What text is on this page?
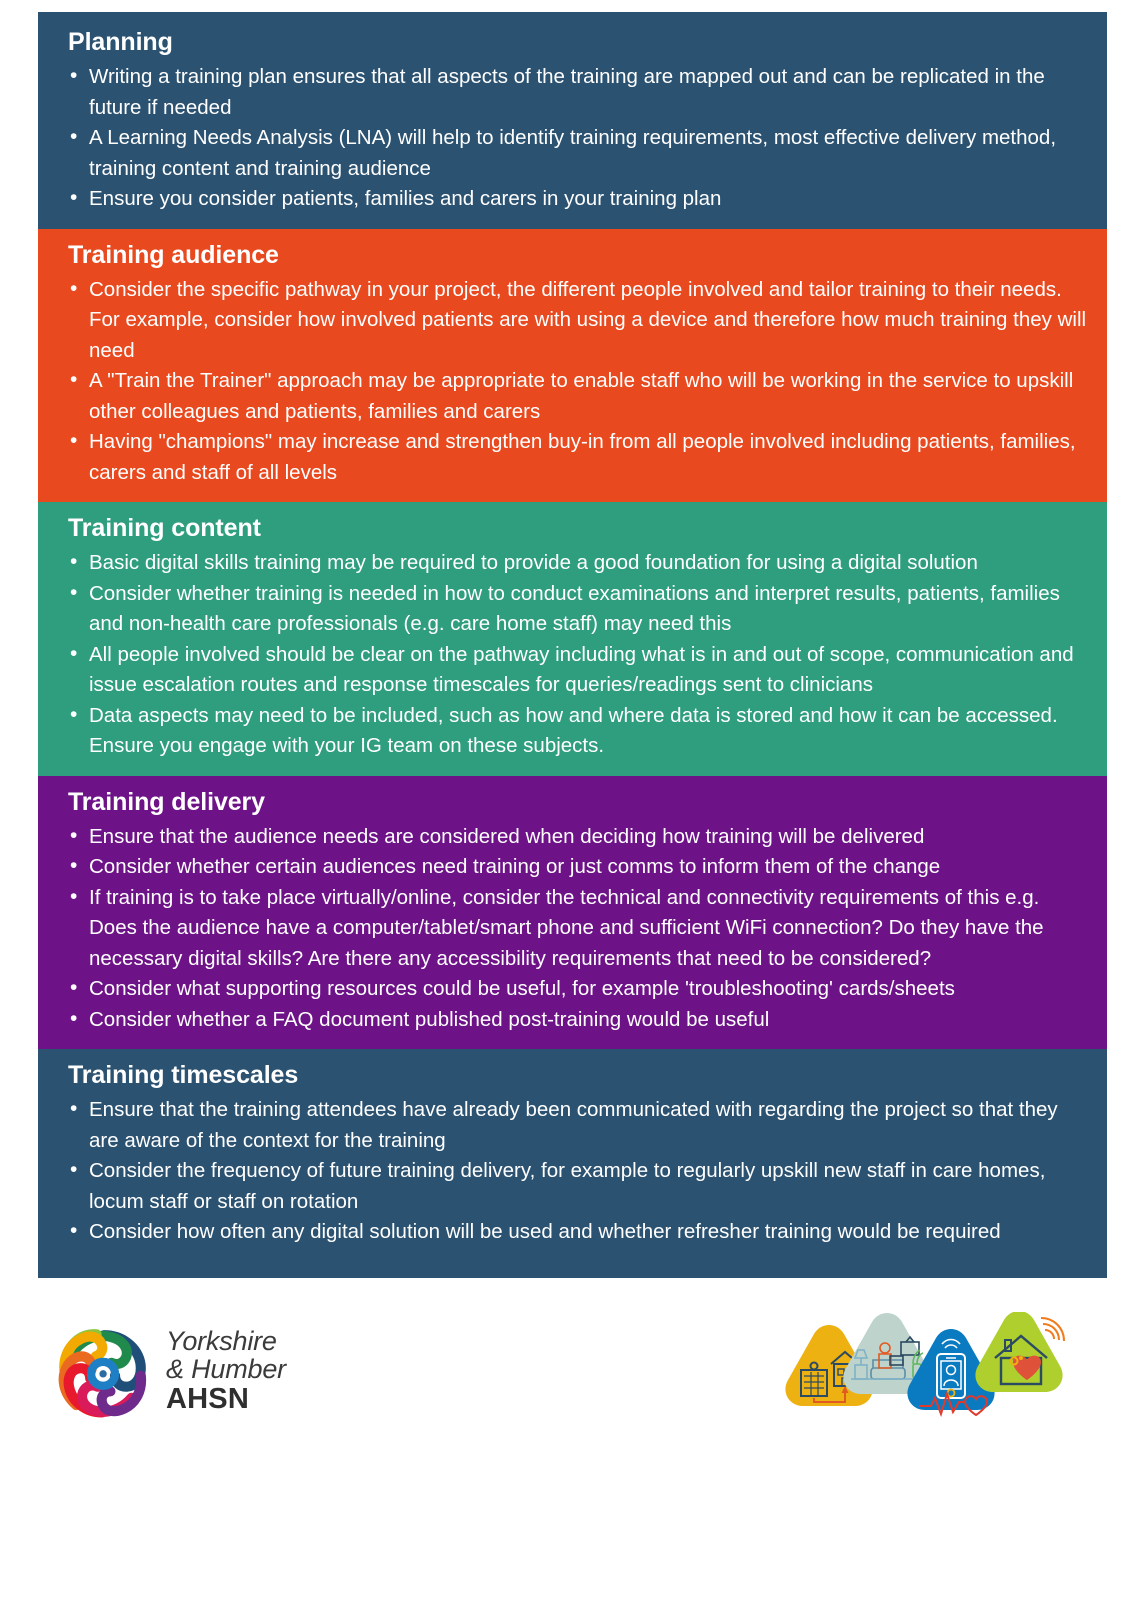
Planning
• Writing a training plan ensures that all aspects of the training are mapped out and can be replicated in the future if needed
• A Learning Needs Analysis (LNA) will help to identify training requirements, most effective delivery method, training content and training audience
• Ensure you consider patients, families and carers in your training plan
Training audience
• Consider the specific pathway in your project, the different people involved and tailor training to their needs. For example, consider how involved patients are with using a device and therefore how much training they will need
• A "Train the Trainer" approach may be appropriate to enable staff who will be working in the service to upskill other colleagues and patients, families and carers
• Having "champions" may increase and strengthen buy-in from all people involved including patients, families, carers and staff of all levels
Training content
• Basic digital skills training may be required to provide a good foundation for using a digital solution
• Consider whether training is needed in how to conduct examinations and interpret results, patients, families and non-health care professionals (e.g. care home staff) may need this
• All people involved should be clear on the pathway including what is in and out of scope, communication and issue escalation routes and response timescales for queries/readings sent to clinicians
• Data aspects may need to be included, such as how and where data is stored and how it can be accessed. Ensure you engage with your IG team on these subjects.
Training delivery
• Ensure that the audience needs are considered when deciding how training will be delivered
• Consider whether certain audiences need training or just comms to inform them of the change
• If training is to take place virtually/online, consider the technical and connectivity requirements of this e.g. Does the audience have a computer/tablet/smart phone and sufficient WiFi connection? Do they have the necessary digital skills? Are there any accessibility requirements that need to be considered?
• Consider what supporting resources could be useful, for example 'troubleshooting' cards/sheets
• Consider whether a FAQ document published post-training would be useful
Training timescales
• Ensure that the training attendees have already been communicated with regarding the project so that they are aware of the context for the training
• Consider the frequency of future training delivery, for example to regularly upskill new staff in care homes, locum staff or staff on rotation
• Consider how often any digital solution will be used and whether refresher training would be required
Yorkshire
& Humber
AHSN
